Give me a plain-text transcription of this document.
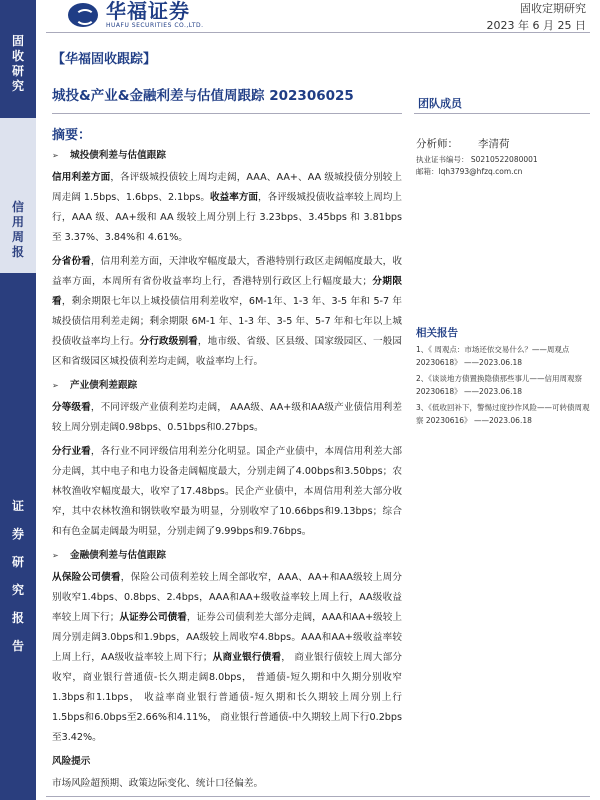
固
收
研
究
信
用
周
报
证
券
研
究
报
告
华福证券
HUAFU SECURITIES CO.,LTD.
固收定期研究
2023 年 6 月 25 日
【华福固收跟踪】
城投&产业&金融利差与估值周跟踪 202306025	团队成员
摘要：
➢	城投债利差与估值跟踪

信用利差方面，各评级城投债较上周均走阔，AAA、AA+、AA 级城投债分别较上周走阔 1.5bps、1.6bps、2.1bps。收益率方面，各评级城投债收益率较上周均上行，AAA 级、AA+级和 AA 级较上周分别上行 3.23bps、3.45bps 和 3.81bps 至 3.37%、3.84%和 4.61%。

分省份看，信用利差方面，天津收窄幅度最大，香港特别行政区走阔幅度最大，收益率方面，本周所有省份收益率均上行，香港特别行政区上行幅度最大；分期限看，剩余期限七年以上城投债信用利差收窄，6M-1年、1-3 年、3-5 年和 5-7 年城投债信用利差走阔；剩余期限 6M-1 年、1-3 年、3-5 年、5-7 年和七年以上城投债收益率均上行。分行政级别看，地市级、省级、区县级、国家级园区、一般园区和省级园区城投债利差均走阔，收益率均上行。

➢	产业债利差跟踪

分等级看，不同评级产业债利差均走阔， AAA级、AA+级和AA级产业债信用利差较上周分别走阔0.98bps、0.51bps和0.27bps。

分行业看，各行业不同评级信用利差分化明显。国企产业债中，本周信用利差大部分走阔，其中电子和电力设备走阔幅度最大，分别走阔了4.00bps和3.50bps；农林牧渔收窄幅度最大，收窄了17.48bps。民企产业债中，本周信用利差大部分收窄，其中农林牧渔和钢铁收窄最为明显，分别收窄了10.66bps和9.13bps；综合和有色金属走阔最为明显，分别走阔了9.99bps和9.76bps。

➢	金融债利差与估值跟踪

从保险公司债看，保险公司债利差较上周全部收窄，AAA、AA+和AA级较上周分别收窄1.4bps、0.8bps、2.4bps，AAA和AA+级收益率较上周上行，AA级收益率较上周下行；从证券公司债看，证券公司债利差大部分走阔，AAA和AA+级较上周分别走阔3.0bps和1.9bps，AA级较上周收窄4.8bps。AAA和AA+级收益率较上周上行，AA级收益率较上周下行；从商业银行债看， 商业银行债较上周大部分收窄，商业银行普通债-长久期走阔8.0bps， 普通债-短久期和中久期分别收窄1.3bps和1.1bps， 收益率商业银行普通债-短久期和长久期较上周分别上行1.5bps和6.0bps至2.66%和4.11%， 商业银行普通债-中久期较上周下行0.2bps至3.42%。

风险提示

市场风险超预期、政策边际变化、统计口径偏差。

分析师： 李清荷
执业证书编号： S0210522080001
邮箱：lqh3793@hfzq.com.cn
相关报告
1、《 周观点：市场还依交易什么？——周观点 20230618》 ——2023.06.18
2、《谈谈地方债置换隐债那些事儿——信用周观察 20230618》 ——2023.06.18
3、《低收回补下，警惕过度抄作风险——可转债周观察 20230616》 ——2023.06.18
